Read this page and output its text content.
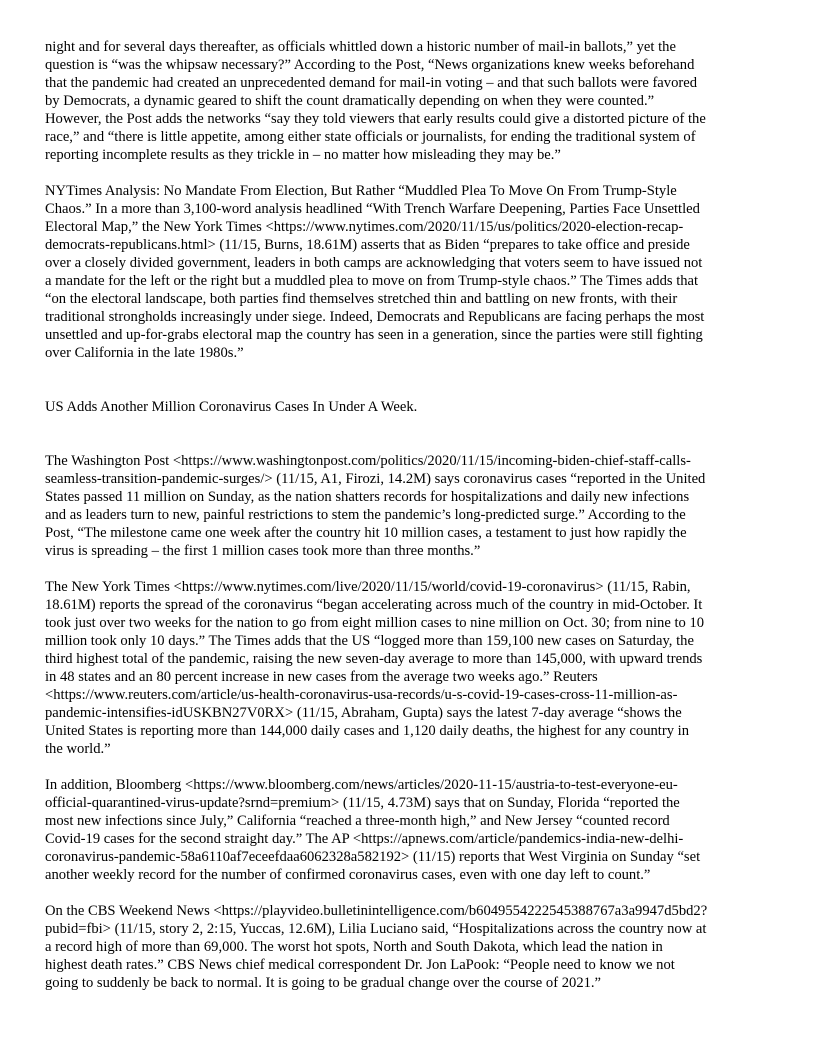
night and for several days thereafter, as officials whittled down a historic number of mail-in ballots,” yet the
question is “was the whipsaw necessary?” According to the Post, “News organizations knew weeks beforehand
that the pandemic had created an unprecedented demand for mail-in voting – and that such ballots were favored
by Democrats, a dynamic geared to shift the count dramatically depending on when they were counted.”
However, the Post adds the networks “say they told viewers that early results could give a distorted picture of the
race,” and “there is little appetite, among either state officials or journalists, for ending the traditional system of
reporting incomplete results as they trickle in – no matter how misleading they may be.”

NYTimes Analysis: No Mandate From Election, But Rather “Muddled Plea To Move On From Trump-Style
Chaos.” In a more than 3,100-word analysis headlined “With Trench Warfare Deepening, Parties Face Unsettled
Electoral Map,” the New York Times <https://www.nytimes.com/2020/11/15/us/politics/2020-election-recap-
democrats-republicans.html> (11/15, Burns, 18.61M) asserts that as Biden “prepares to take office and preside
over a closely divided government, leaders in both camps are acknowledging that voters seem to have issued not
a mandate for the left or the right but a muddled plea to move on from Trump-style chaos.” The Times adds that
“on the electoral landscape, both parties find themselves stretched thin and battling on new fronts, with their
traditional strongholds increasingly under siege. Indeed, Democrats and Republicans are facing perhaps the most
unsettled and up-for-grabs electoral map the country has seen in a generation, since the parties were still fighting
over California in the late 1980s.”

US Adds Another Million Coronavirus Cases In Under A Week.

The Washington Post <https://www.washingtonpost.com/politics/2020/11/15/incoming-biden-chief-staff-calls-
seamless-transition-pandemic-surges/> (11/15, A1, Firozi, 14.2M) says coronavirus cases “reported in the United
States passed 11 million on Sunday, as the nation shatters records for hospitalizations and daily new infections
and as leaders turn to new, painful restrictions to stem the pandemic’s long-predicted surge.” According to the
Post, “The milestone came one week after the country hit 10 million cases, a testament to just how rapidly the
virus is spreading – the first 1 million cases took more than three months.”

The New York Times <https://www.nytimes.com/live/2020/11/15/world/covid-19-coronavirus> (11/15, Rabin,
18.61M) reports the spread of the coronavirus “began accelerating across much of the country in mid-October. It
took just over two weeks for the nation to go from eight million cases to nine million on Oct. 30; from nine to 10
million took only 10 days.” The Times adds that the US “logged more than 159,100 new cases on Saturday, the
third highest total of the pandemic, raising the new seven-day average to more than 145,000, with upward trends
in 48 states and an 80 percent increase in new cases from the average two weeks ago.” Reuters
<https://www.reuters.com/article/us-health-coronavirus-usa-records/u-s-covid-19-cases-cross-11-million-as-
pandemic-intensifies-idUSKBN27V0RX> (11/15, Abraham, Gupta) says the latest 7-day average “shows the
United States is reporting more than 144,000 daily cases and 1,120 daily deaths, the highest for any country in
the world.”

In addition, Bloomberg <https://www.bloomberg.com/news/articles/2020-11-15/austria-to-test-everyone-eu-
official-quarantined-virus-update?srnd=premium> (11/15, 4.73M) says that on Sunday, Florida “reported the
most new infections since July,” California “reached a three-month high,” and New Jersey “counted record
Covid-19 cases for the second straight day.” The AP <https://apnews.com/article/pandemics-india-new-delhi-
coronavirus-pandemic-58a6110af7eceefdaa6062328a582192> (11/15) reports that West Virginia on Sunday “set
another weekly record for the number of confirmed coronavirus cases, even with one day left to count.”

On the CBS Weekend News <https://playvideo.bulletinintelligence.com/b6049554222545388767a3a9947d5bd2?
pubid=fbi> (11/15, story 2, 2:15, Yuccas, 12.6M), Lilia Luciano said, “Hospitalizations across the country now at
a record high of more than 69,000. The worst hot spots, North and South Dakota, which lead the nation in
highest death rates.” CBS News chief medical correspondent Dr. Jon LaPook: “People need to know we not
going to suddenly be back to normal. It is going to be gradual change over the course of 2021.”
